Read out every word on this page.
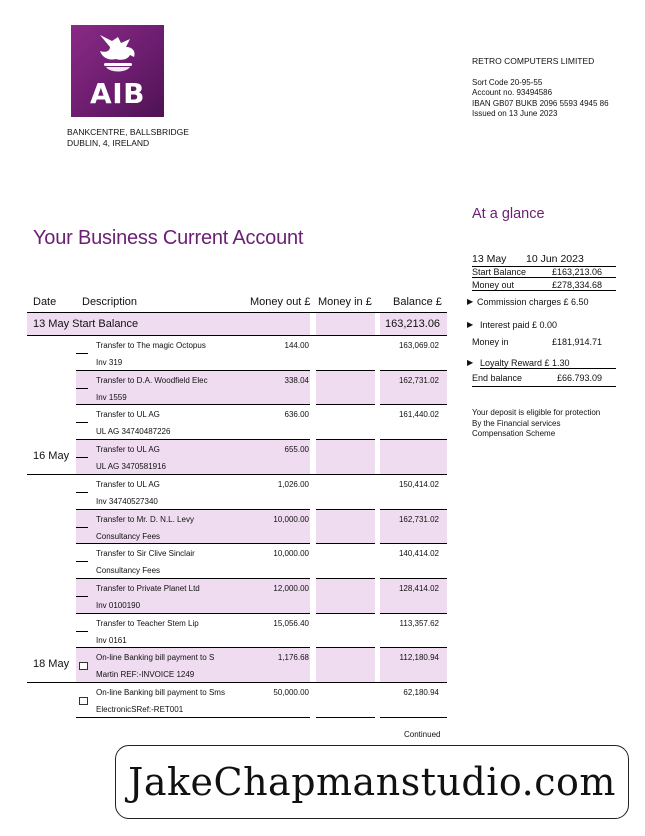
AIB
BANKCENTRE, BALLSBRIDGE
DUBLIN, 4, IRELAND
RETRO COMPUTERS LIMITED
Sort Code 20-95-55
Account no. 93494586
IBAN GB07 BUKB 2096 5593 4945 86
Issued on 13 June 2023
Your Business Current Account
At a glance
13 May 10 Jun 2023
Start Balance	£163,213.06
Money out	£278,334.68
▶ Commission charges £ 6.50
▶ Interest paid £ 0.00
Money in	£181,914.71
▶ Loyalty Reward £ 1.30
End balance	£66.793.09
Your deposit is eligible for protection
By the Financial services
Compensation Scheme
Date Description	Money out £ Money in £ Balance £
13 May Start Balance	163,213.06
Transfer to The magic Octopus
Inv 319
144.00	163,069.02
Transfer to D.A. Woodfield Elec
Inv 1559
338.04	162,731.02
Transfer to UL AG
UL AG 34740487226
636.00	161,440.02
16 May
Transfer to UL AG
UL AG 3470581916
655.00
Transfer to UL AG
Inv 34740527340
1,026.00	150,414.02
Transfer to Mr. D. N.L. Levy
Consultancy Fees
10,000.00	162,731.02
Transfer to Sir Clive Sinclair
Consultancy Fees
10,000.00	140,414.02
Transfer to Private Planet Ltd
Inv 0100190
12,000.00	128,414.02
Transfer to Teacher Stem Lip
Inv 0161
15,056.40	113,357.62
18 May
On-line Banking bill payment to S
Martin REF:-INVOICE 1249
1,176.68	112,180.94
On-line Banking bill payment to Sms
ElectronicSRef:-RET001
50,000.00	62,180.94
Continued
JakeChapmanstudio.com
